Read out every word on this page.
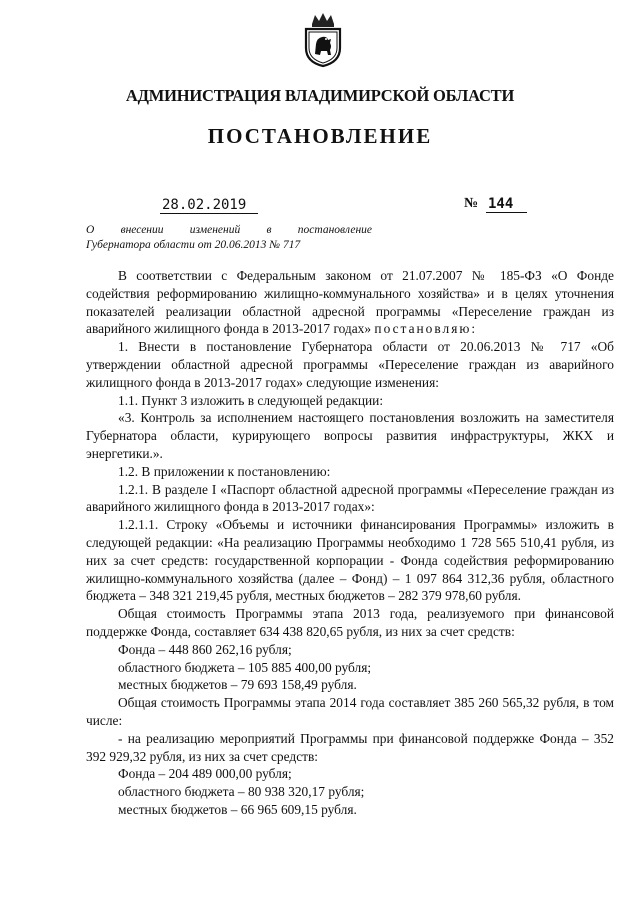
АДМИНИСТРАЦИЯ ВЛАДИМИРСКОЙ ОБЛАСТИ
ПОСТАНОВЛЕНИЕ
28.02.2019	№ 144
О внесении изменений в постановление
Губернатора области от 20.06.2013 № 717

В соответствии с Федеральным законом от 21.07.2007 № 185-ФЗ «О Фонде содействия реформированию жилищно-коммунального хозяйства» и в целях уточнения показателей реализации областной адресной программы «Переселение граждан из аварийного жилищного фонда в 2013-2017 годах» постановляю:

1. Внести в постановление Губернатора области от 20.06.2013 № 717 «Об утверждении областной адресной программы «Переселение граждан из аварийного жилищного фонда в 2013-2017 годах» следующие изменения:

1.1. Пункт 3 изложить в следующей редакции:

«3. Контроль за исполнением настоящего постановления возложить на заместителя Губернатора области, курирующего вопросы развития инфраструктуры, ЖКХ и энергетики.».

1.2. В приложении к постановлению:

1.2.1. В разделе I «Паспорт областной адресной программы «Переселение граждан из аварийного жилищного фонда в 2013-2017 годах»:

1.2.1.1. Строку «Объемы и источники финансирования Программы» изложить в следующей редакции: «На реализацию Программы необходимо 1 728 565 510,41 рубля, из них за счет средств: государственной корпорации - Фонда содействия реформированию жилищно-коммунального хозяйства (далее – Фонд) – 1 097 864 312,36 рубля, областного бюджета – 348 321 219,45 рубля, местных бюджетов – 282 379 978,60 рубля.

Общая стоимость Программы этапа 2013 года, реализуемого при финансовой поддержке Фонда, составляет 634 438 820,65 рубля, из них за счет средств:

Фонда – 448 860 262,16 рубля;

областного бюджета – 105 885 400,00 рубля;

местных бюджетов – 79 693 158,49 рубля.

Общая стоимость Программы этапа 2014 года составляет 385 260 565,32 рубля, в том числе:

- на реализацию мероприятий Программы при финансовой поддержке Фонда – 352 392 929,32 рубля, из них за счет средств:

Фонда – 204 489 000,00 рубля;

областного бюджета – 80 938 320,17 рубля;

местных бюджетов – 66 965 609,15 рубля.
